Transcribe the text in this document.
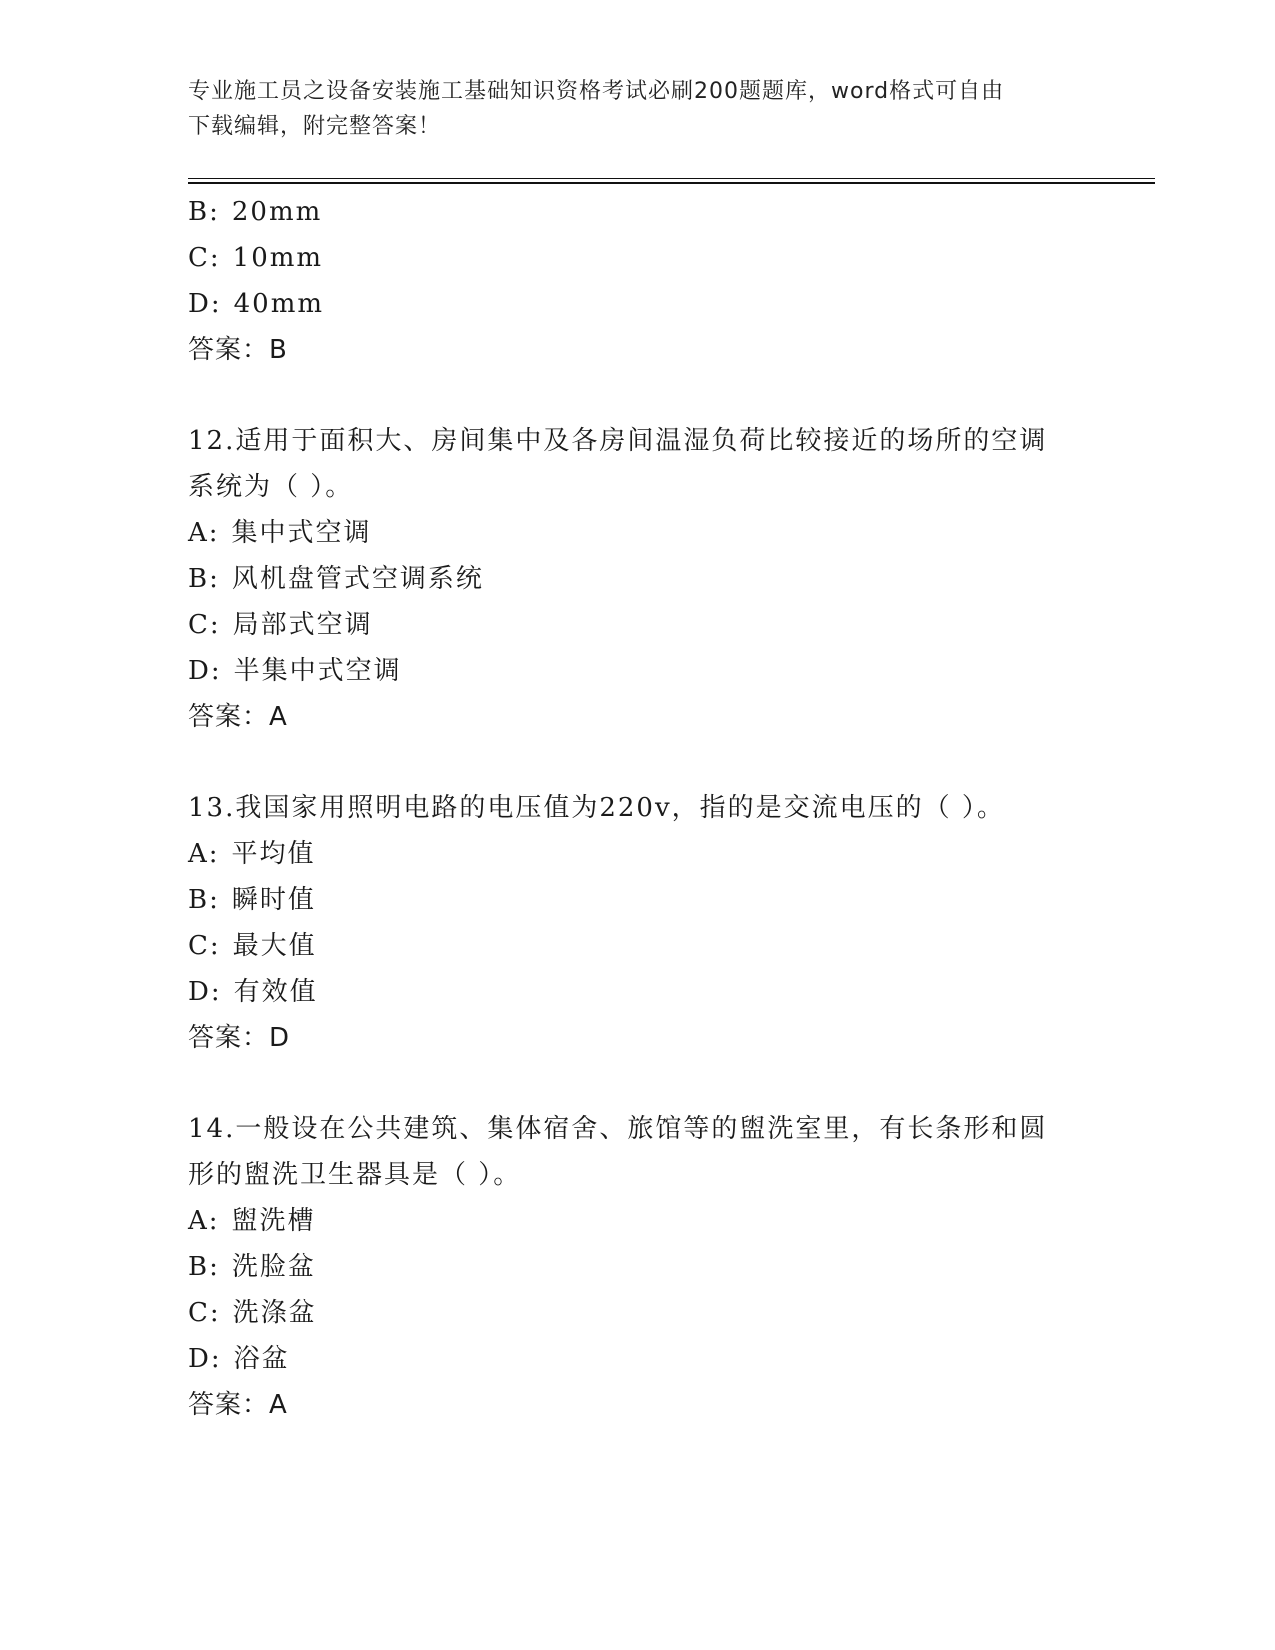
专业施工员之设备安装施工基础知识资格考试必刷200题题库，word格式可自由
下载编辑，附完整答案！
B: 20mm
C: 10mm
D: 40mm
答案：B
12.适用于面积大、房间集中及各房间温湿负荷比较接近的场所的空调
系统为（ ）。
A: 集中式空调
B: 风机盘管式空调系统
C: 局部式空调
D: 半集中式空调
答案：A
13.我国家用照明电路的电压值为220v，指的是交流电压的（ ）。
A: 平均值
B: 瞬时值
C: 最大值
D: 有效值
答案：D
14.一般设在公共建筑、集体宿舍、旅馆等的盥洗室里，有长条形和圆
形的盥洗卫生器具是（ ）。
A: 盥洗槽
B: 洗脸盆
C: 洗涤盆
D: 浴盆
答案：A
